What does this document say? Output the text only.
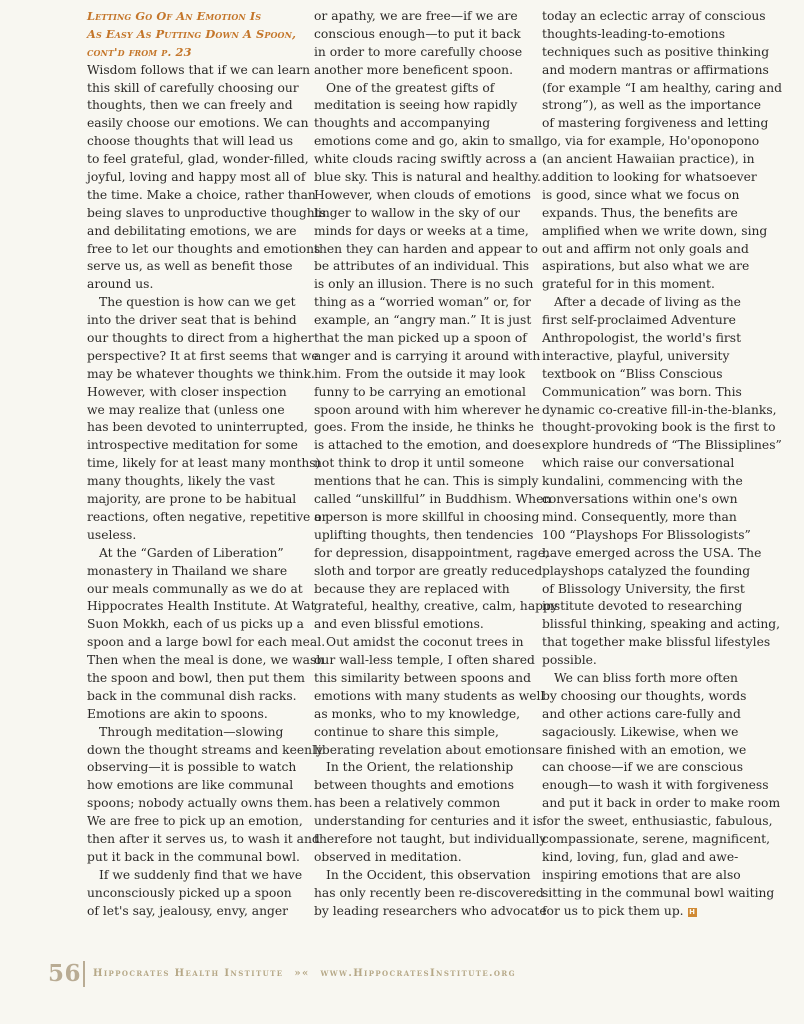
Letting Go Of An Emotion Is
As Easy As Putting Down A Spoon,
cont'd from p. 23
Wisdom follows that if we can learn
this skill of carefully choosing our
thoughts, then we can freely and
easily choose our emotions. We can
choose thoughts that will lead us
to feel grateful, glad, wonder-filled,
joyful, loving and happy most all of
the time. Make a choice, rather than
being slaves to unproductive thoughts
and debilitating emotions, we are
free to let our thoughts and emotions
serve us, as well as benefit those
around us.
The question is how can we get
into the driver seat that is behind
our thoughts to direct from a higher
perspective? It at first seems that we
may be whatever thoughts we think.
However, with closer inspection
we may realize that (unless one
has been devoted to uninterrupted,
introspective meditation for some
time, likely for at least many months)
many thoughts, likely the vast
majority, are prone to be habitual
reactions, often negative, repetitive or
useless.
At the “Garden of Liberation”
monastery in Thailand we share
our meals communally as we do at
Hippocrates Health Institute. At Wat
Suon Mokkh, each of us picks up a
spoon and a large bowl for each meal.
Then when the meal is done, we wash
the spoon and bowl, then put them
back in the communal dish racks.
Emotions are akin to spoons.
Through meditation—slowing
down the thought streams and keenly
observing—it is possible to watch
how emotions are like communal
spoons; nobody actually owns them.
We are free to pick up an emotion,
then after it serves us, to wash it and
put it back in the communal bowl.
If we suddenly find that we have
unconsciously picked up a spoon
of let's say, jealousy, envy, anger
or apathy, we are free—if we are
conscious enough—to put it back
in order to more carefully choose
another more beneficent spoon.
One of the greatest gifts of
meditation is seeing how rapidly
thoughts and accompanying
emotions come and go, akin to small
white clouds racing swiftly across a
blue sky. This is natural and healthy.
However, when clouds of emotions
linger to wallow in the sky of our
minds for days or weeks at a time,
then they can harden and appear to
be attributes of an individual. This
is only an illusion. There is no such
thing as a “worried woman” or, for
example, an “angry man.” It is just
that the man picked up a spoon of
anger and is carrying it around with
him. From the outside it may look
funny to be carrying an emotional
spoon around with him wherever he
goes. From the inside, he thinks he
is attached to the emotion, and does
not think to drop it until someone
mentions that he can. This is simply
called “unskillful” in Buddhism. When
a person is more skillful in choosing
uplifting thoughts, then tendencies
for depression, disappointment, rage,
sloth and torpor are greatly reduced
because they are replaced with
grateful, healthy, creative, calm, happy
and even blissful emotions.
Out amidst the coconut trees in
our wall-less temple, I often shared
this similarity between spoons and
emotions with many students as well
as monks, who to my knowledge,
continue to share this simple,
liberating revelation about emotions.
In the Orient, the relationship
between thoughts and emotions
has been a relatively common
understanding for centuries and it is
therefore not taught, but individually
observed in meditation.
In the Occident, this observation
has only recently been re-discovered
by leading researchers who advocate
today an eclectic array of conscious
thoughts-leading-to-emotions
techniques such as positive thinking
and modern mantras or affirmations
(for example “I am healthy, caring and
strong”), as well as the importance
of mastering forgiveness and letting
go, via for example, Ho'oponopono
(an ancient Hawaiian practice), in
addition to looking for whatsoever
is good, since what we focus on
expands. Thus, the benefits are
amplified when we write down, sing
out and affirm not only goals and
aspirations, but also what we are
grateful for in this moment.
After a decade of living as the
first self-proclaimed Adventure
Anthropologist, the world's first
interactive, playful, university
textbook on “Bliss Conscious
Communication” was born. This
dynamic co-creative fill-in-the-blanks,
thought-provoking book is the first to
explore hundreds of “The Blissiplines”
which raise our conversational
kundalini, commencing with the
conversations within one's own
mind. Consequently, more than
100 “Playshops For Blissologists”
have emerged across the USA. The
playshops catalyzed the founding
of Blissology University, the first
institute devoted to researching
blissful thinking, speaking and acting,
that together make blissful lifestyles
possible.
We can bliss forth more often
by choosing our thoughts, words
and other actions care-fully and
sagaciously. Likewise, when we
are finished with an emotion, we
can choose—if we are conscious
enough—to wash it with forgiveness
and put it back in order to make room
for the sweet, enthusiastic, fabulous,
compassionate, serene, magnificent,
kind, loving, fun, glad and awe-
inspiring emotions that are also
sitting in the communal bowl waiting
for us to pick them up. H
56 Hippocrates Health Institute »« www.HippocratesInstitute.org
